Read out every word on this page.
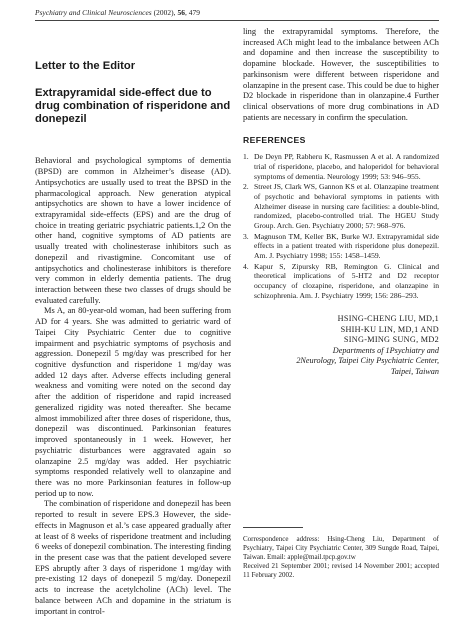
Psychiatry and Clinical Neurosciences (2002), 56, 479
Letter to the Editor
Extrapyramidal side-effect due to drug combination of risperidone and donepezil

Behavioral and psychological symptoms of dementia (BPSD) are common in Alzheimer’s disease (AD). Antipsychotics are usually used to treat the BPSD in the pharmacological approach. New generation atypical antipsychotics are shown to have a lower incidence of extrapyramidal side-effects (EPS) and are the drug of choice in treating geriatric psychiatric patients.1,2 On the other hand, cognitive symptoms of AD patients are usually treated with cholinesterase inhibitors such as donepezil and rivastigmine. Concomitant use of antipsychotics and cholinesterase inhibitors is therefore very common in elderly dementia patients. The drug interaction between these two classes of drugs should be evaluated carefully.

Ms A, an 80-year-old woman, had been suffering from AD for 4 years. She was admitted to geriatric ward of Taipei City Psychiatric Center due to cognitive impairment and psychiatric symptoms of psychosis and aggression. Donepezil 5 mg/day was prescribed for her cognitive dysfunction and risperidone 1 mg/day was added 12 days after. Adverse effects including general weakness and vomiting were noted on the second day after the addition of risperidone and rapid increased generalized rigidity was noted thereafter. She became almost immobilized after three doses of risperidone, thus, donepezil was discontinued. Parkinsonian features improved spontaneously in 1 week. However, her psychiatric disturbances were aggravated again so olanzapine 2.5 mg/day was added. Her psychiatric symptoms responded relatively well to olanzapine and there was no more Parkinsonian features in follow-up period up to now.

The combination of risperidone and donepezil has been reported to result in severe EPS.3 However, the side-effects in Magnuson et al.’s case appeared gradually after at least of 8 weeks of risperidone treatment and including 6 weeks of donepezil combination. The interesting finding in the present case was that the patient developed severe EPS abruptly after 3 days of risperidone 1 mg/day with pre-existing 12 days of donepezil 5 mg/day. Donepezil acts to increase the acetylcholine (ACh) level. The balance between ACh and dopamine in the striatum is important in control-

ling the extrapyramidal symptoms. Therefore, the increased ACh might lead to the imbalance between ACh and dopamine and then increase the susceptibility to dopamine blockade. However, the susceptibilities to parkinsonism were different between risperidone and olanzapine in the present case. This could be due to higher D2 blockade in risperidone than in olanzapine.4 Further clinical observations of more drug combinations in AD patients are necessary in confirm the speculation.

REFERENCES
1. De Deyn PP, Rabheru K, Rasmussen A et al. A randomized trial of risperidone, placebo, and haloperidol for behavioral symptoms of dementia. Neurology 1999; 53: 946–955.
2. Street JS, Clark WS, Gannon KS et al. Olanzapine treatment of psychotic and behavioral symptoms in patients with Alzheimer disease in nursing care facilities: a double-blind, randomized, placebo-controlled trial. The HGEU Study Group. Arch. Gen. Psychiatry 2000; 57: 968–976.
3. Magnuson TM, Keller BK, Burke WJ. Extrapyramidal side effects in a patient treated with risperidone plus donepezil. Am. J. Psychiatry 1998; 155: 1458–1459.
4. Kapur S, Zipursky RB, Remington G. Clinical and theoretical implications of 5-HT2 and D2 receptor occupancy of clozapine, risperidone, and olanzapine in schizophrenia. Am. J. Psychiatry 1999; 156: 286–293.
HSING-CHENG LIU, MD,1
SHIH-KU LIN, MD,1 AND
SING-MING SUNG, MD2
Departments of 1Psychiatry and
2Neurology, Taipei City Psychiatric Center,
Taipei, Taiwan

Correspondence address: Hsing-Cheng Liu, Department of Psychiatry, Taipei City Psychiatric Center, 309 Sungde Road, Taipei, Taiwan. Email: apple@mail.tpcp.gov.tw

Received 21 September 2001; revised 14 November 2001; accepted 11 February 2002.
